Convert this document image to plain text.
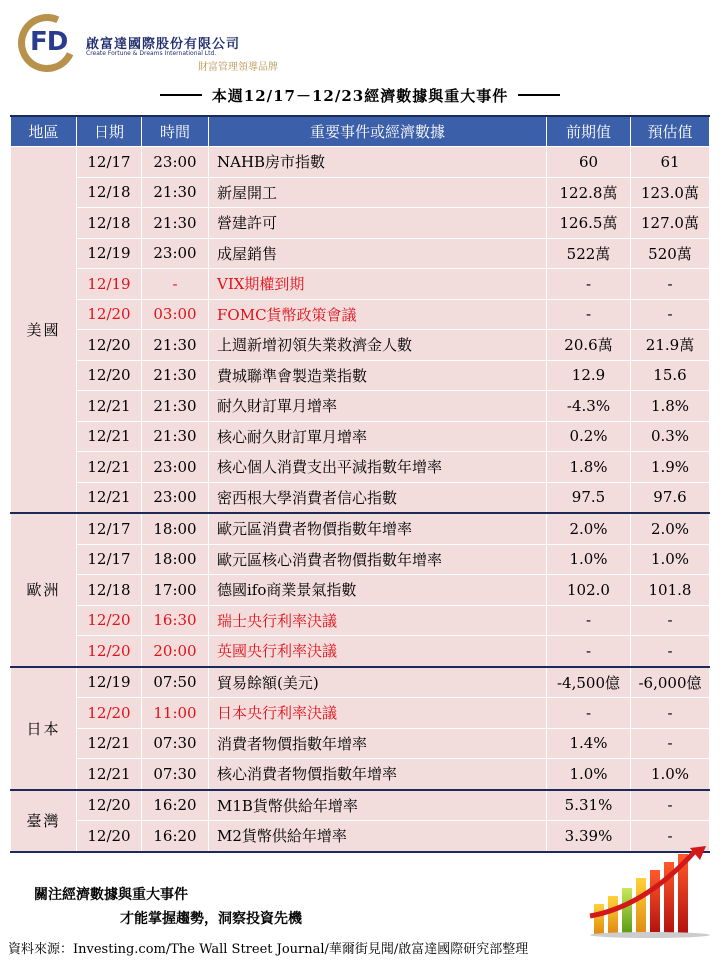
FD	啟富達國際股份有限公司
Create Fortune & Dreams International Ltd.
財富管理領導品牌
本週12/17－12/23經濟數據與重大事件
地區	日期	時間	重要事件或經濟數據	前期值	預估值
美國	12/17	23:00	NAHB房市指數	60	61
	12/18	21:30	新屋開工	122.8萬	123.0萬
	12/18	21:30	營建許可	126.5萬	127.0萬
	12/19	23:00	成屋銷售	522萬	520萬
	12/19	-	VIX期權到期	-	-
	12/20	03:00	FOMC貨幣政策會議	-	-
	12/20	21:30	上週新增初領失業救濟金人數	20.6萬	21.9萬
	12/20	21:30	費城聯準會製造業指數	12.9	15.6
	12/21	21:30	耐久財訂單月增率	-4.3%	1.8%
	12/21	21:30	核心耐久財訂單月增率	0.2%	0.3%
	12/21	23:00	核心個人消費支出平減指數年增率	1.8%	1.9%
	12/21	23:00	密西根大學消費者信心指數	97.5	97.6
歐洲	12/17	18:00	歐元區消費者物價指數年增率	2.0%	2.0%
	12/17	18:00	歐元區核心消費者物價指數年增率	1.0%	1.0%
	12/18	17:00	德國ifo商業景氣指數	102.0	101.8
	12/20	16:30	瑞士央行利率決議	-	-
	12/20	20:00	英國央行利率決議	-	-
日本	12/19	07:50	貿易餘額(美元)	-4,500億	-6,000億
	12/20	11:00	日本央行利率決議	-	-
	12/21	07:30	消費者物價指數年增率	1.4%	-
	12/21	07:30	核心消費者物價指數年增率	1.0%	1.0%
臺灣	12/20	16:20	M1B貨幣供給年增率	5.31%	-
	12/20	16:20	M2貨幣供給年增率	3.39%	-
關注經濟數據與重大事件
才能掌握趨勢，洞察投資先機
資料來源：Investing.com/The Wall Street Journal/華爾街見聞/啟富達國際研究部整理
